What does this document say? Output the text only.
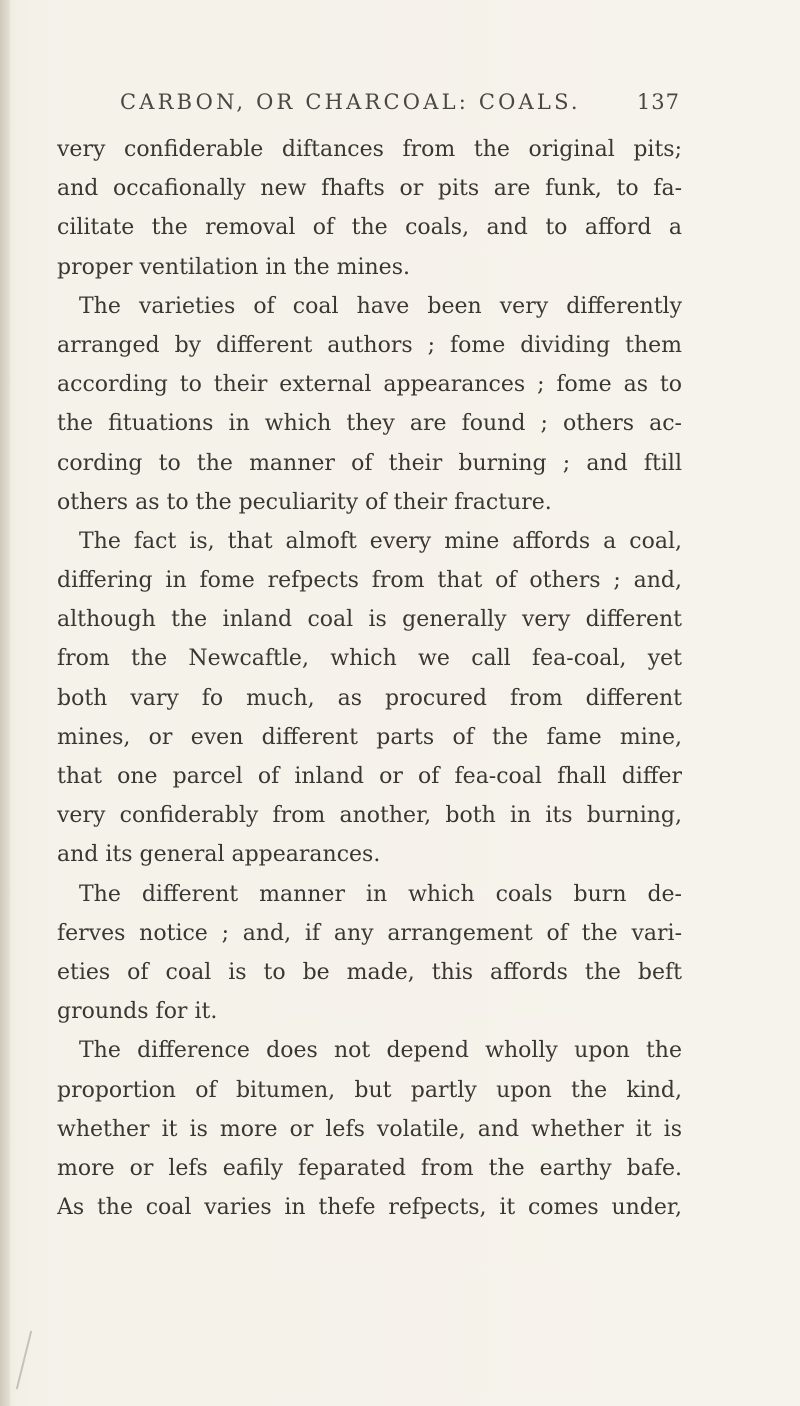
CARBON, OR CHARCOAL: COALS.	137
very confiderable diftances from the original pits;
and occafionally new fhafts or pits are funk, to fa-
cilitate the removal of the coals, and to afford a
proper ventilation in the mines.
The varieties of coal have been very differently
arranged by different authors ; fome dividing them
according to their external appearances ; fome as to
the fituations in which they are found ; others ac-
cording to the manner of their burning ; and ftill
others as to the peculiarity of their fracture.
The fact is, that almoft every mine affords a coal,
differing in fome refpects from that of others ; and,
although the inland coal is generally very different
from the Newcaftle, which we call fea-coal, yet
both vary fo much, as procured from different
mines, or even different parts of the fame mine,
that one parcel of inland or of fea-coal fhall differ
very confiderably from another, both in its burning,
and its general appearances.
The different manner in which coals burn de-
ferves notice ; and, if any arrangement of the vari-
eties of coal is to be made, this affords the beft
grounds for it.
The difference does not depend wholly upon the
proportion of bitumen, but partly upon the kind,
whether it is more or lefs volatile, and whether it is
more or lefs eafily feparated from the earthy bafe.
As the coal varies in thefe refpects, it comes under,
